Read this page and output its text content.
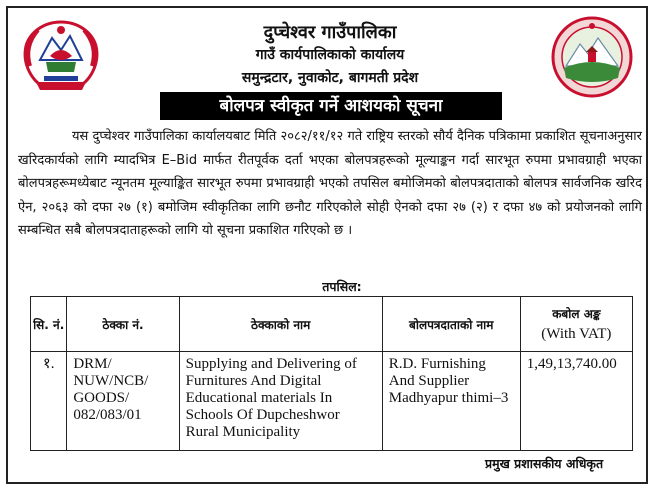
दुप्चेश्वर गाउँपालिका
गाउँ कार्यपालिकाको कार्यालय
समुन्द्रटार, नुवाकोट, बागमती प्रदेश
बोलपत्र स्वीकृत गर्ने आशयको सूचना

यस दुप्चेश्वर गाउँपालिका कार्यालयबाट मिति २०८२/११/१२ गते राष्ट्रिय स्तरको सौर्य दैनिक पत्रिकामा प्रकाशित सूचनाअनुसार खरिदकार्यको लागि म्यादभित्र E–Bid मार्फत रीतपूर्वक दर्ता भएका बोलपत्रहरूको मूल्याङ्कन गर्दा सारभूत रुपमा प्रभावग्राही भएका बोलपत्रहरूमध्येबाट न्यूनतम मूल्याङ्कित सारभूत रुपमा प्रभावग्राही भएको तपसिल बमोजिमको बोलपत्रदाताको बोलपत्र सार्वजनिक खरिद ऐन, २०६३ को दफा २७ (१) बमोजिम स्वीकृतिका लागि छनौट गरिएकोले सोही ऐनको दफा २७ (२) र दफा ४७ को प्रयोजनको लागि सम्बन्धित सबै बोलपत्रदाताहरूको लागि यो सूचना प्रकाशित गरिएको छ ।

तपसिल:
सि. नं.	ठेक्का नं.	ठेक्काको नाम	बोलपत्रदाताको नाम	कबोल अङ्क
(With VAT)

१.	DRM/ NUW/NCB/ GOODS/ 082/083/01	Supplying and Delivering of Furnitures And Digital Educational materials In Schools Of Dupcheshwor Rural Municipality	R.D. Furnishing And Supplier Madhyapur thimi–3	1,49,13,740.00
प्रमुख प्रशासकीय अधिकृत
